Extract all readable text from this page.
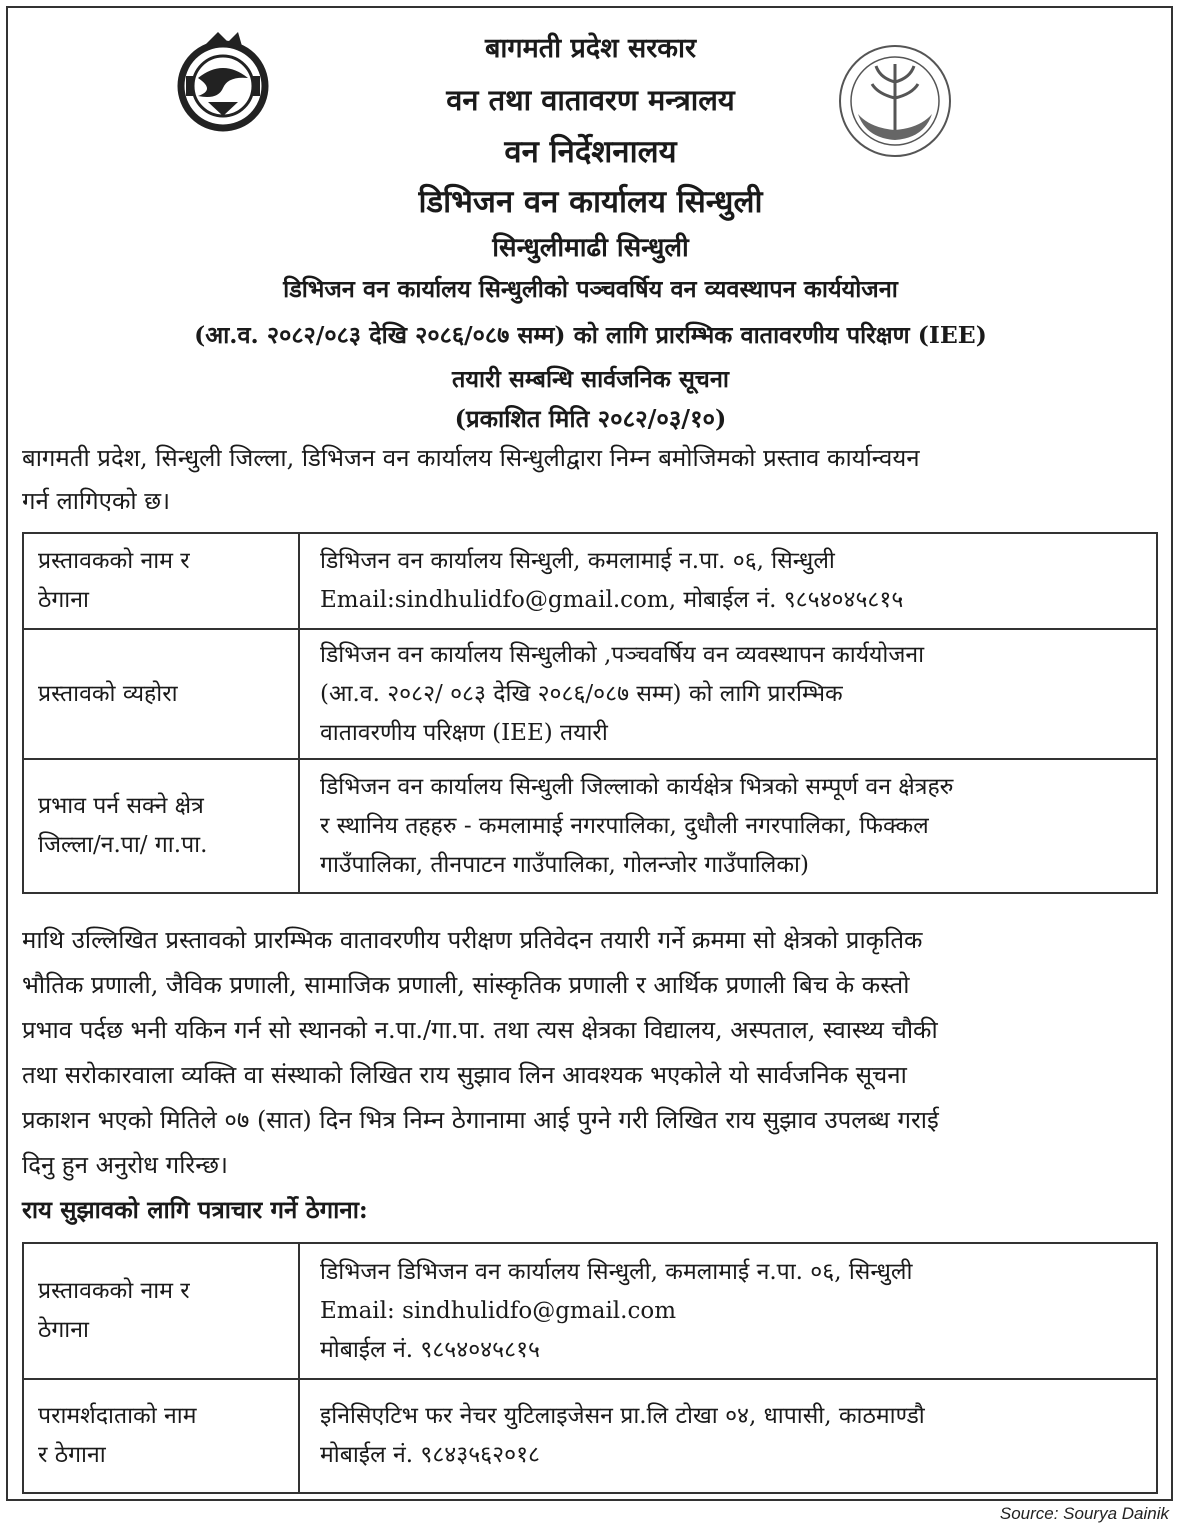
बागमती प्रदेश सरकार
वन तथा वातावरण मन्त्रालय
वन निर्देशनालय
डिभिजन वन कार्यालय सिन्धुली
सिन्धुलीमाढी सिन्धुली
डिभिजन वन कार्यालय सिन्धुलीको पञ्चवर्षिय वन व्यवस्थापन कार्ययोजना
(आ.व. २०८२/०८३ देखि २०८६/०८७ सम्म) को लागि प्रारम्भिक वातावरणीय परिक्षण (IEE)
तयारी सम्बन्धि सार्वजनिक सूचना
(प्रकाशित मिति २०८२/०३/१०)
बागमती प्रदेश, सिन्धुली जिल्ला, डिभिजन वन कार्यालय सिन्धुलीद्वारा निम्न बमोजिमको प्रस्ताव कार्यान्वयन
गर्न लागिएको छ।
प्रस्तावकको नाम र
ठेगाना	डिभिजन वन कार्यालय सिन्धुली, कमलामाई न.पा. ०६, सिन्धुली
Email:sindhulidfo@gmail.com, मोबाईल नं. ९८५४०४५८१५

प्रस्तावको व्यहोरा	डिभिजन वन कार्यालय सिन्धुलीको ,पञ्चवर्षिय वन व्यवस्थापन कार्ययोजना
(आ.व. २०८२/ ०८३ देखि २०८६/०८७ सम्म) को लागि प्रारम्भिक
वातावरणीय परिक्षण (IEE) तयारी

प्रभाव पर्न सक्ने क्षेत्र
जिल्ला/न.पा/ गा.पा.	डिभिजन वन कार्यालय सिन्धुली जिल्लाको कार्यक्षेत्र भित्रको सम्पूर्ण वन क्षेत्रहरु
र स्थानिय तहहरु - कमलामाई नगरपालिका, दुधौली नगरपालिका, फिक्कल
गाउँपालिका, तीनपाटन गाउँपालिका, गोलन्जोर गाउँपालिका)
माथि उल्लिखित प्रस्तावको प्रारम्भिक वातावरणीय परीक्षण प्रतिवेदन तयारी गर्ने क्रममा सो क्षेत्रको प्राकृतिक
भौतिक प्रणाली, जैविक प्रणाली, सामाजिक प्रणाली, सांस्कृतिक प्रणाली र आर्थिक प्रणाली बिच के कस्तो
प्रभाव पर्दछ भनी यकिन गर्न सो स्थानको न.पा./गा.पा. तथा त्यस क्षेत्रका विद्यालय, अस्पताल, स्वास्थ्य चौकी
तथा सरोकारवाला व्यक्ति वा संस्थाको लिखित राय सुझाव लिन आवश्यक भएकोले यो सार्वजनिक सूचना
प्रकाशन भएको मितिले ०७ (सात) दिन भित्र निम्न ठेगानामा आई पुग्ने गरी लिखित राय सुझाव उपलब्ध गराई
दिनु हुन अनुरोध गरिन्छ।
राय सुझावको लागि पत्राचार गर्ने ठेगाना:
प्रस्तावकको नाम र
ठेगाना	डिभिजन डिभिजन वन कार्यालय सिन्धुली, कमलामाई न.पा. ०६, सिन्धुली
Email: sindhulidfo@gmail.com
मोबाईल नं. ९८५४०४५८१५

परामर्शदाताको नाम
र ठेगाना	इनिसिएटिभ फर नेचर युटिलाइजेसन प्रा.लि टोखा ०४, धापासी, काठमाण्डौ
मोबाईल नं. ९८४३५६२०१८
Source: Sourya Dainik
